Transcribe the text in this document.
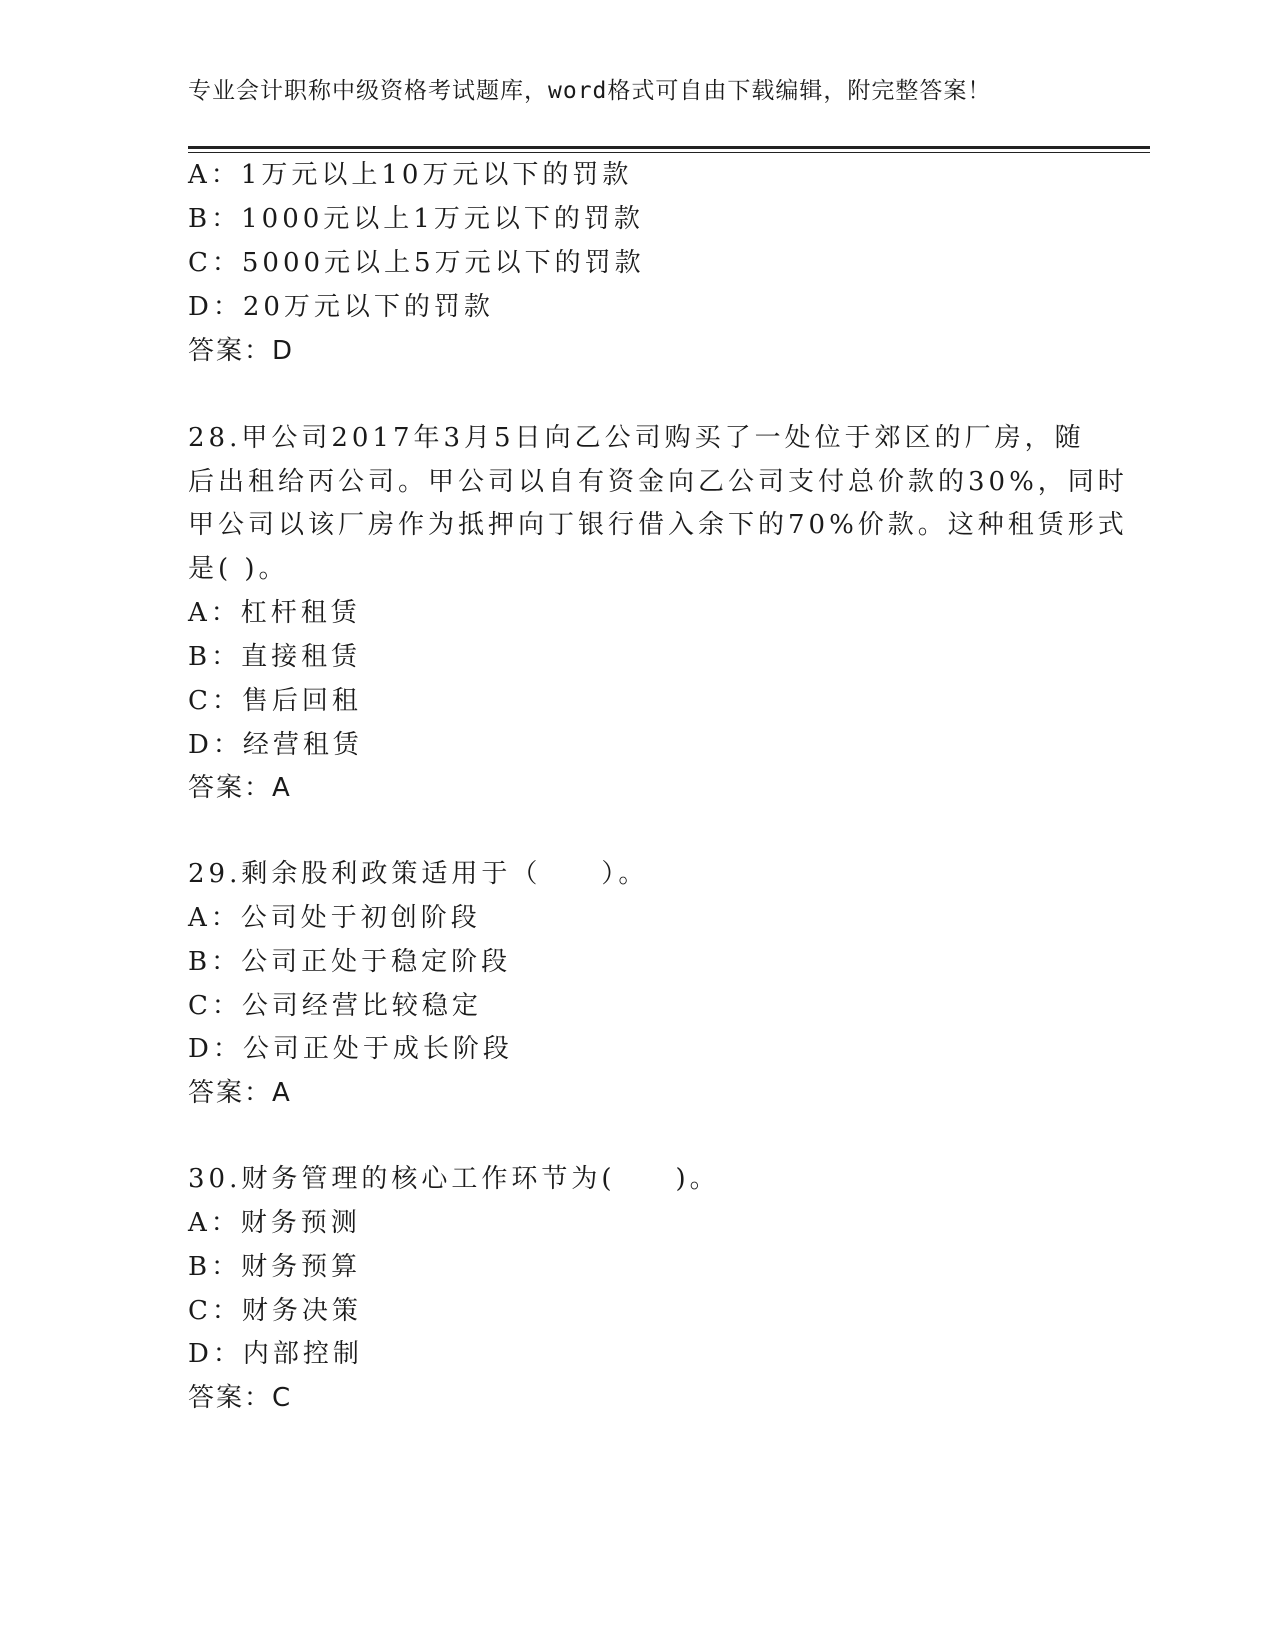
专业会计职称中级资格考试题库，word格式可自由下载编辑，附完整答案！
A：1万元以上10万元以下的罚款
B：1000元以上1万元以下的罚款
C：5000元以上5万元以下的罚款
D：20万元以下的罚款
答案：D
28.甲公司2017年3月5日向乙公司购买了一处位于郊区的厂房，随
后出租给丙公司。甲公司以自有资金向乙公司支付总价款的30%，同时
甲公司以该厂房作为抵押向丁银行借入余下的70%价款。这种租赁形式
是( )。
A：杠杆租赁
B：直接租赁
C：售后回租
D：经营租赁
答案：A
29.剩余股利政策适用于（　　）。
A：公司处于初创阶段
B：公司正处于稳定阶段
C：公司经营比较稳定
D：公司正处于成长阶段
答案：A
30.财务管理的核心工作环节为(　　)。
A：财务预测
B：财务预算
C：财务决策
D：内部控制
答案：C
